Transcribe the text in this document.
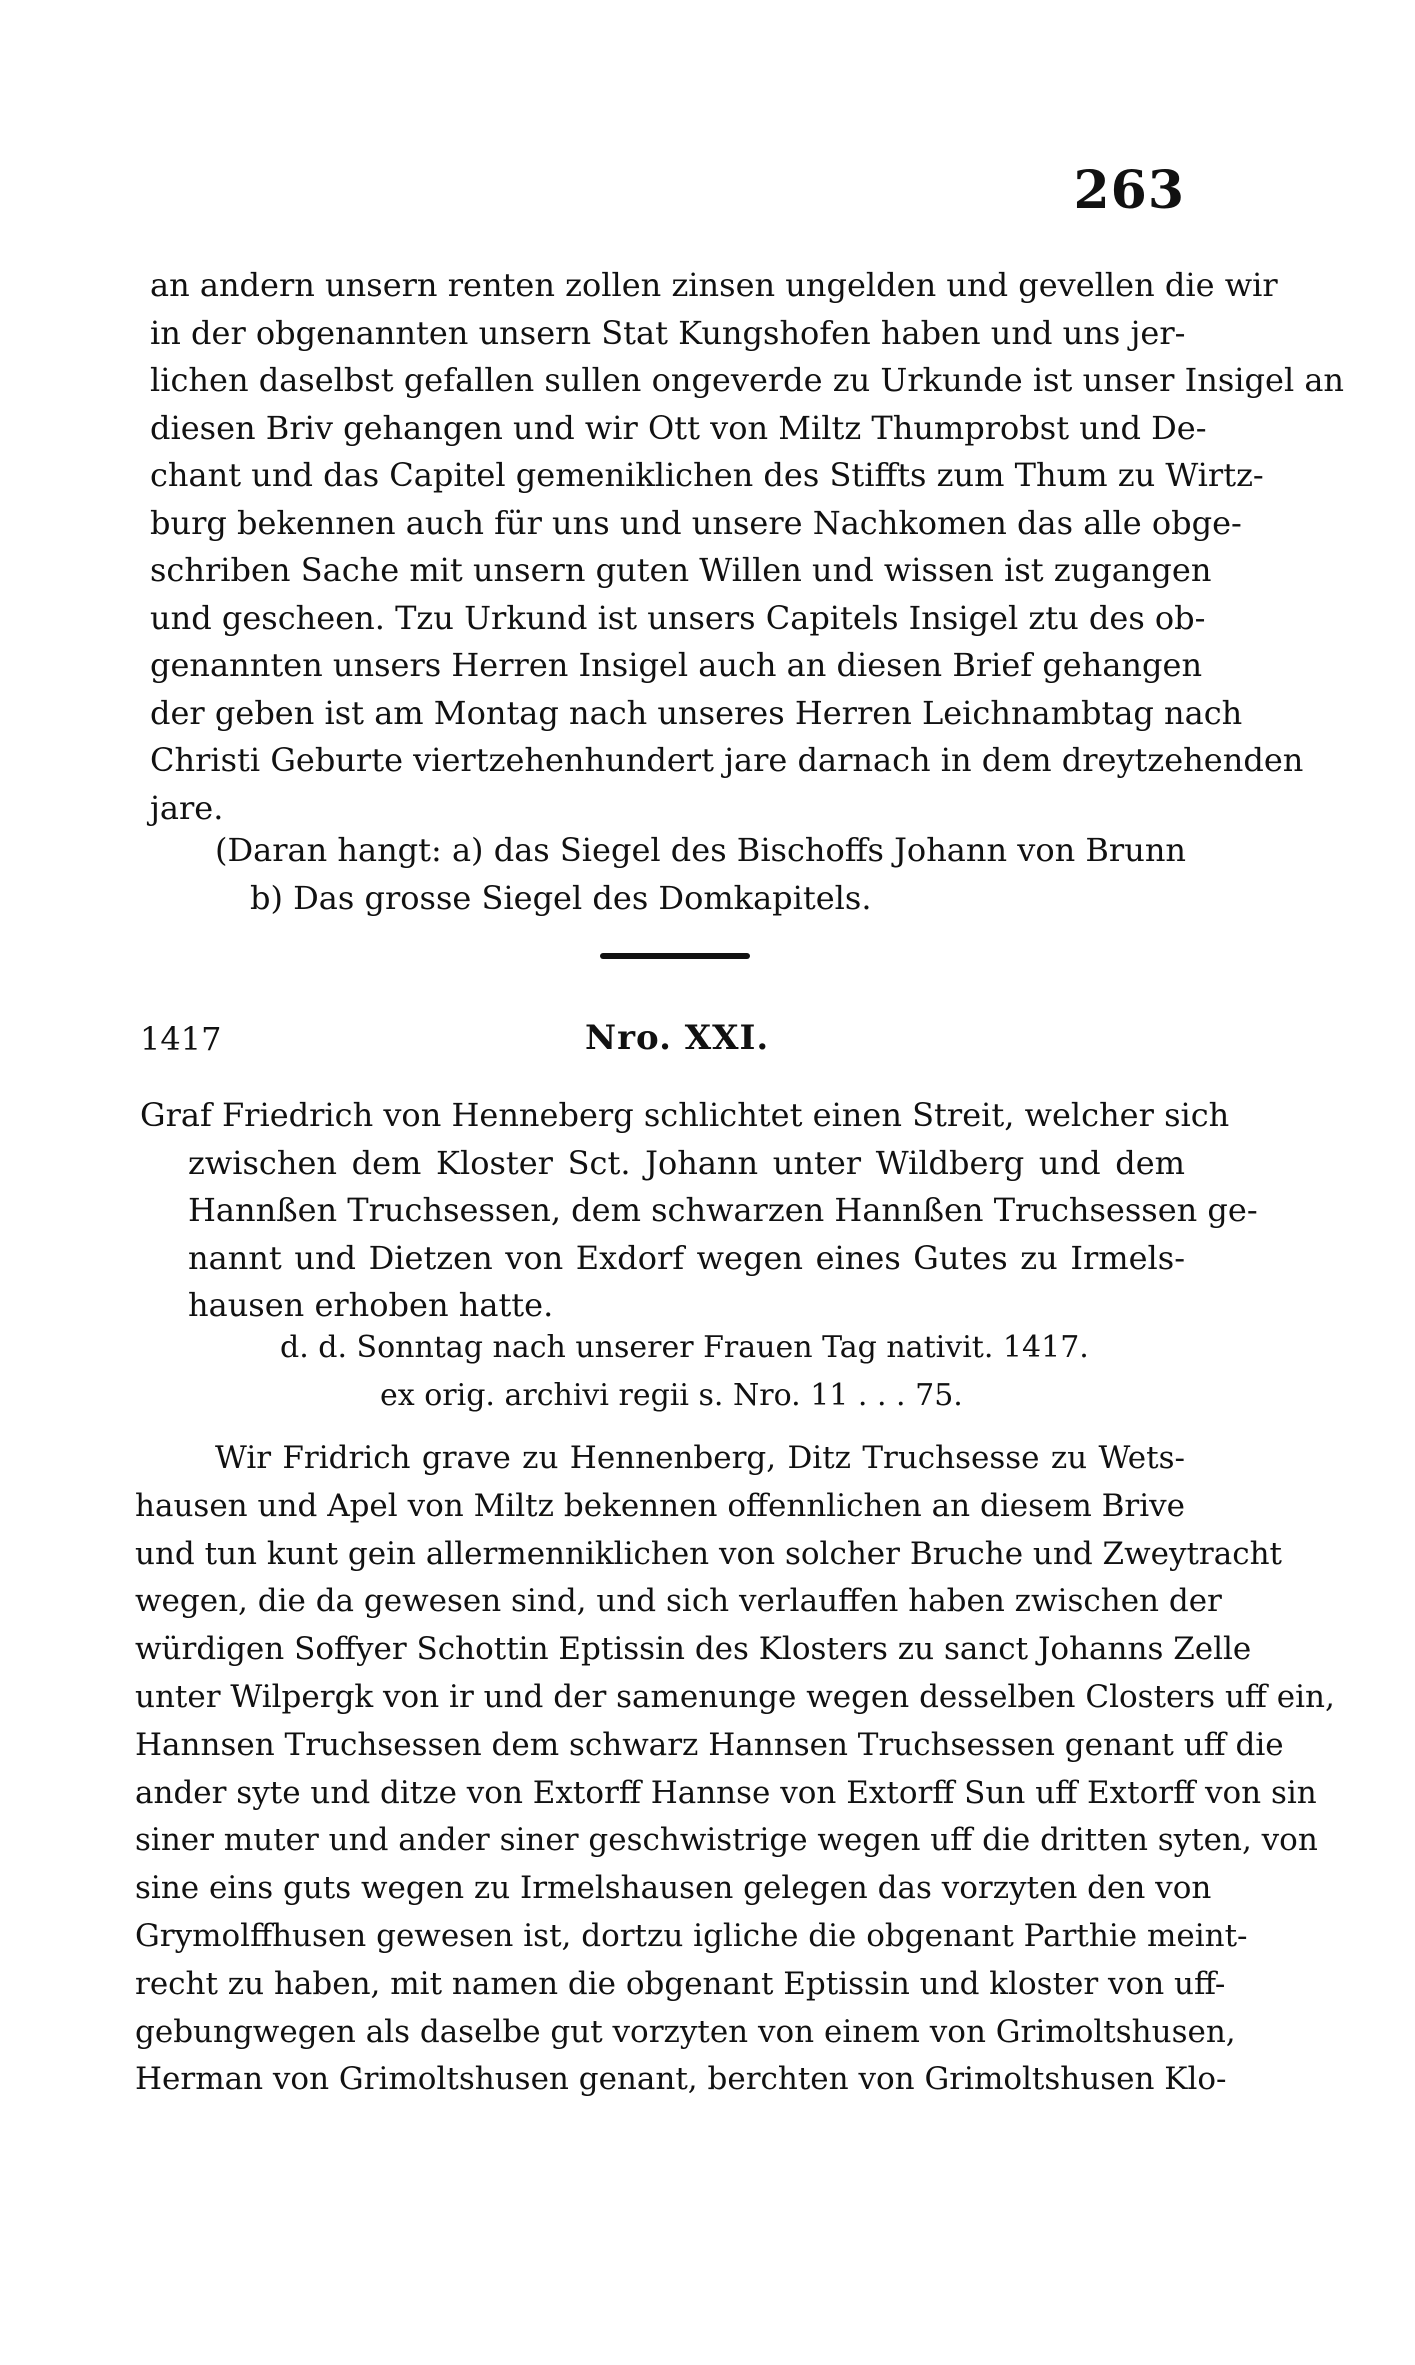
263
an andern unsern renten zollen zinsen ungelden und gevellen die wir
in der obgenannten unsern Stat Kungshofen haben und uns jer-
lichen daselbst gefallen sullen ongeverde zu Urkunde ist unser Insigel an
diesen Briv gehangen und wir Ott von Miltz Thumprobst und De-
chant und das Capitel gemeniklichen des Stiffts zum Thum zu Wirtz-
burg bekennen auch für uns und unsere Nachkomen das alle obge-
schriben Sache mit unsern guten Willen und wissen ist zugangen
und gescheen. Tzu Urkund ist unsers Capitels Insigel ztu des ob-
genannten unsers Herren Insigel auch an diesen Brief gehangen
der geben ist am Montag nach unseres Herren Leichnambtag nach
Christi Geburte viertzehenhundert jare darnach in dem dreytzehenden
jare.
(Daran hangt: a) das Siegel des Bischoffs Johann von Brunn
b) Das grosse Siegel des Domkapitels.
1417	Nro. XXI.
Graf Friedrich von Henneberg schlichtet einen Streit, welcher sich
zwischen dem Kloster Sct. Johann unter Wildberg und dem
Hannßen Truchsessen, dem schwarzen Hannßen Truchsessen ge-
nannt und Dietzen von Exdorf wegen eines Gutes zu Irmels-
hausen erhoben hatte.
d. d. Sonntag nach unserer Frauen Tag nativit. 1417.
ex orig. archivi regii s. Nro. 11 . . . 75.
Wir Fridrich grave zu Hennenberg, Ditz Truchsesse zu Wets-
hausen und Apel von Miltz bekennen offennlichen an diesem Brive
und tun kunt gein allermenniklichen von solcher Bruche und Zweytracht
wegen, die da gewesen sind, und sich verlauffen haben zwischen der
würdigen Soffyer Schottin Eptissin des Klosters zu sanct Johanns Zelle
unter Wilpergk von ir und der samenunge wegen desselben Closters uff ein,
Hannsen Truchsessen dem schwarz Hannsen Truchsessen genant uff die
ander syte und ditze von Extorff Hannse von Extorff Sun uff Extorff von sin
siner muter und ander siner geschwistrige wegen uff die dritten syten, von
sine eins guts wegen zu Irmelshausen gelegen das vorzyten den von
Grymolffhusen gewesen ist, dortzu igliche die obgenant Parthie meint-
recht zu haben, mit namen die obgenant Eptissin und kloster von uff-
gebungwegen als daselbe gut vorzyten von einem von Grimoltshusen,
Herman von Grimoltshusen genant, berchten von Grimoltshusen Klo-
